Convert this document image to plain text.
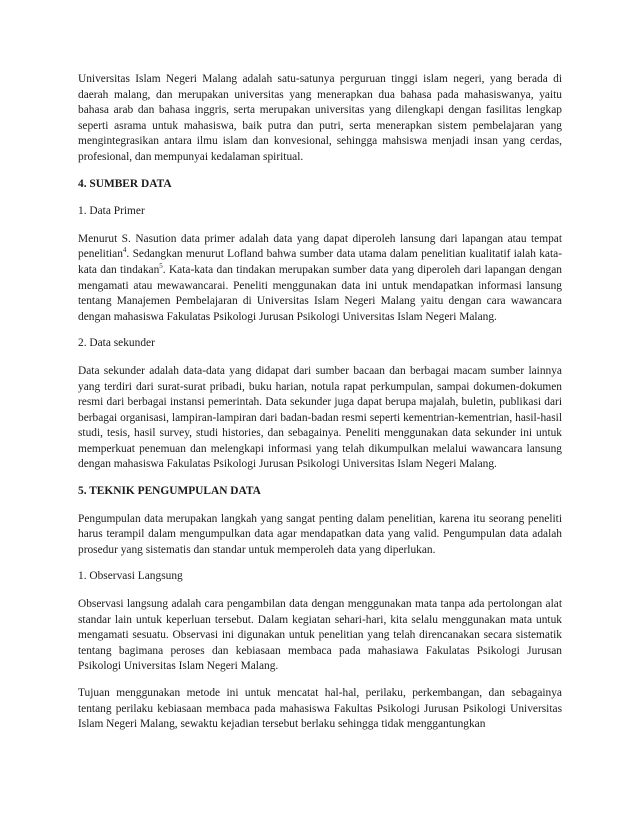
Universitas Islam Negeri Malang adalah satu-satunya perguruan tinggi islam negeri, yang berada di daerah malang, dan merupakan universitas yang menerapkan dua bahasa pada mahasiswanya, yaitu bahasa arab dan bahasa inggris, serta merupakan universitas yang dilengkapi dengan fasilitas lengkap seperti asrama untuk mahasiswa, baik putra dan putri, serta menerapkan sistem pembelajaran yang mengintegrasikan antara ilmu islam dan konvesional, sehingga mahsiswa menjadi insan yang cerdas, profesional, dan mempunyai kedalaman spiritual.

4. SUMBER DATA

1. Data Primer

Menurut S. Nasution data primer adalah data yang dapat diperoleh lansung dari lapangan atau tempat penelitian$^4$. Sedangkan menurut Lofland bahwa sumber data utama dalam penelitian kualitatif ialah kata-kata dan tindakan$^5$. Kata-kata dan tindakan merupakan sumber data yang diperoleh dari lapangan dengan mengamati atau mewawancarai. Peneliti menggunakan data ini untuk mendapatkan informasi lansung tentang Manajemen Pembelajaran di Universitas Islam Negeri Malang yaitu dengan cara wawancara dengan mahasiswa Fakulatas Psikologi Jurusan Psikologi Universitas Islam Negeri Malang.

2. Data sekunder

Data sekunder adalah data-data yang didapat dari sumber bacaan dan berbagai macam sumber lainnya yang terdiri dari surat-surat pribadi, buku harian, notula rapat perkumpulan, sampai dokumen-dokumen resmi dari berbagai instansi pemerintah. Data sekunder juga dapat berupa majalah, buletin, publikasi dari berbagai organisasi, lampiran-lampiran dari badan-badan resmi seperti kementrian-kementrian, hasil-hasil studi, tesis, hasil survey, studi histories, dan sebagainya. Peneliti menggunakan data sekunder ini untuk memperkuat penemuan dan melengkapi informasi yang telah dikumpulkan melalui wawancara lansung dengan mahasiswa Fakulatas Psikologi Jurusan Psikologi Universitas Islam Negeri Malang.

5. TEKNIK PENGUMPULAN DATA

Pengumpulan data merupakan langkah yang sangat penting dalam penelitian, karena itu seorang peneliti harus terampil dalam mengumpulkan data agar mendapatkan data yang valid. Pengumpulan data adalah prosedur yang sistematis dan standar untuk memperoleh data yang diperlukan.

1. Observasi Langsung

Observasi langsung adalah cara pengambilan data dengan menggunakan mata tanpa ada pertolongan alat standar lain untuk keperluan tersebut. Dalam kegiatan sehari-hari, kita selalu menggunakan mata untuk mengamati sesuatu. Observasi ini digunakan untuk penelitian yang telah direncanakan secara sistematik tentang bagimana peroses dan kebiasaan membaca pada mahasiawa Fakulatas Psikologi Jurusan Psikologi Universitas Islam Negeri Malang.

Tujuan menggunakan metode ini untuk mencatat hal-hal, perilaku, perkembangan, dan sebagainya tentang perilaku kebiasaan membaca pada mahasiswa Fakultas Psikologi Jurusan Psikologi Universitas Islam Negeri Malang, sewaktu kejadian tersebut berlaku sehingga tidak menggantungkan
